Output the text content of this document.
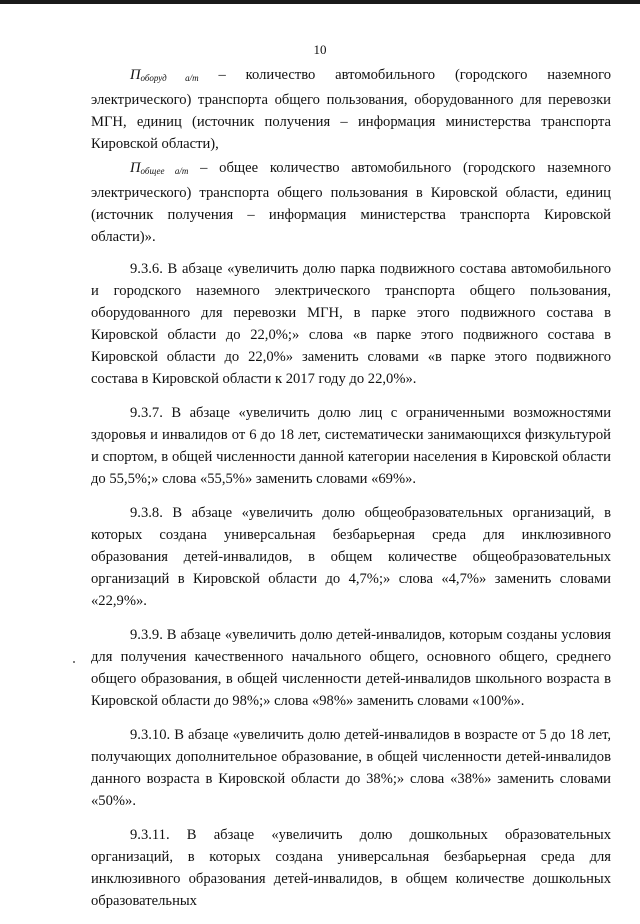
10

$П_{оборуд а/т}$ – количество автомобильного (городского наземного электрического) транспорта общего пользования, оборудованного для перевозки МГН, единиц (источник получения – информация министерства транспорта Кировской области),

$П_{общее а/т}$ – общее количество автомобильного (городского наземного электрического) транспорта общего пользования в Кировской области, единиц (источник получения – информация министерства транспорта Кировской области)».

9.3.6. В абзаце «увеличить долю парка подвижного состава автомобильного и городского наземного электрического транспорта общего пользования, оборудованного для перевозки МГН, в парке этого подвижного состава в Кировской области до 22,0%;» слова «в парке этого подвижного состава в Кировской области до 22,0%» заменить словами «в парке этого подвижного состава в Кировской области к 2017 году до 22,0%».

9.3.7. В абзаце «увеличить долю лиц с ограниченными возможностями здоровья и инвалидов от 6 до 18 лет, систематически занимающихся физкультурой и спортом, в общей численности данной категории населения в Кировской области до 55,5%;» слова «55,5%» заменить словами «69%».

9.3.8. В абзаце «увеличить долю общеобразовательных организаций, в которых создана универсальная безбарьерная среда для инклюзивного образования детей-инвалидов, в общем количестве общеобразовательных организаций в Кировской области до 4,7%;» слова «4,7%» заменить словами «22,9%».

9.3.9. В абзаце «увеличить долю детей-инвалидов, которым созданы условия для получения качественного начального общего, основного общего, среднего общего образования, в общей численности детей-инвалидов школьного возраста в Кировской области до 98%;» слова «98%» заменить словами «100%».

9.3.10. В абзаце «увеличить долю детей-инвалидов в возрасте от 5 до 18 лет, получающих дополнительное образование, в общей численности детей-инвалидов данного возраста в Кировской области до 38%;» слова «38%» заменить словами «50%».

9.3.11. В абзаце «увеличить долю дошкольных образовательных организаций, в которых создана универсальная безбарьерная среда для инклюзивного образования детей-инвалидов, в общем количестве дошкольных образовательных
